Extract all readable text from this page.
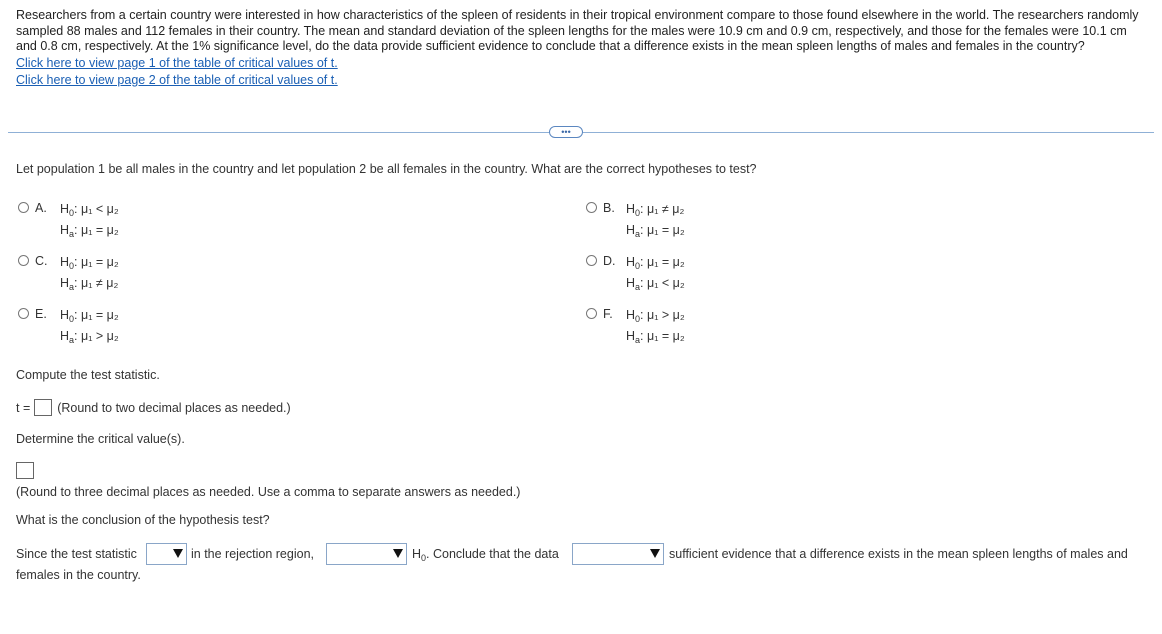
Researchers from a certain country were interested in how characteristics of the spleen of residents in their tropical environment compare to those found elsewhere in the world. The researchers randomly sampled 88 males and 112 females in their country. The mean and standard deviation of the spleen lengths for the males were 10.9 cm and 0.9 cm, respectively, and those for the females were 10.1 cm and 0.8 cm, respectively. At the 1% significance level, do the data provide sufficient evidence to conclude that a difference exists in the mean spleen lengths of males and females in the country?
Click here to view page 1 of the table of critical values of t.
Click here to view page 2 of the table of critical values of t.
•••
Let population 1 be all males in the country and let population 2 be all females in the country. What are the correct hypotheses to test?
A. $H_0$: μ₁ < μ₂
$H_a$: μ₁ = μ₂
B. $H_0$: μ₁ ≠ μ₂
$H_a$: μ₁ = μ₂
C. $H_0$: μ₁ = μ₂
$H_a$: μ₁ ≠ μ₂
D. $H_0$: μ₁ = μ₂
$H_a$: μ₁ < μ₂
E. $H_0$: μ₁ = μ₂
$H_a$: μ₁ > μ₂
F. $H_0$: μ₁ > μ₂
$H_a$: μ₁ = μ₂
Compute the test statistic.
t = (Round to two decimal places as needed.)
Determine the critical value(s).
(Round to three decimal places as needed. Use a comma to separate answers as needed.)
What is the conclusion of the hypothesis test?
Since the test statistic	in the rejection region,	$H_0$. Conclude that the data	sufficient evidence that a difference exists in the mean spleen lengths of males and
females in the country.
